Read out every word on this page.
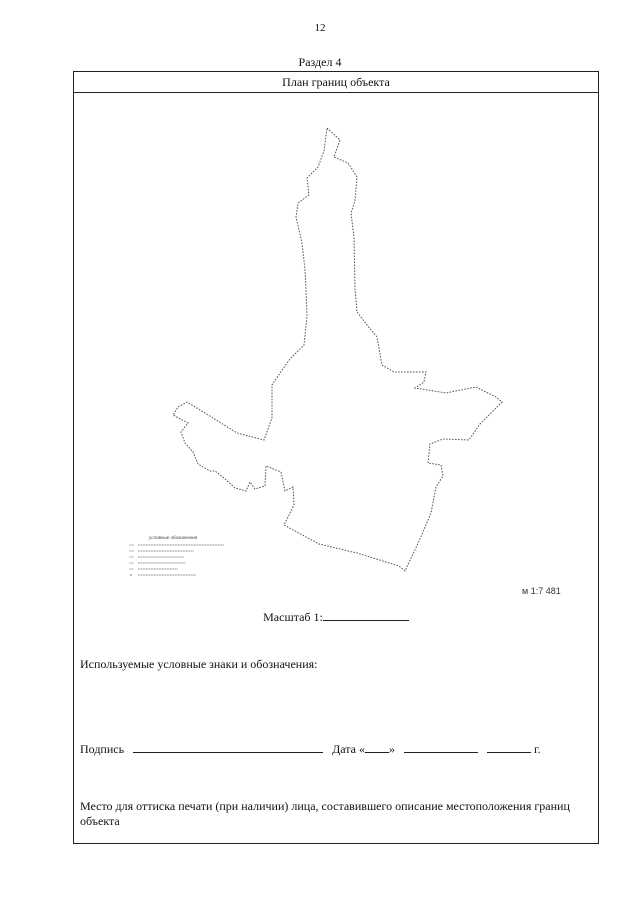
12
Раздел 4
План границ объекта
условные обозначения
м 1:7 481
Масштаб 1:
Используемые условные знаки и обозначения:
Подпись	Дата « »	г.
Место для оттиска печати (при наличии) лица, составившего описание местоположения границ объекта
